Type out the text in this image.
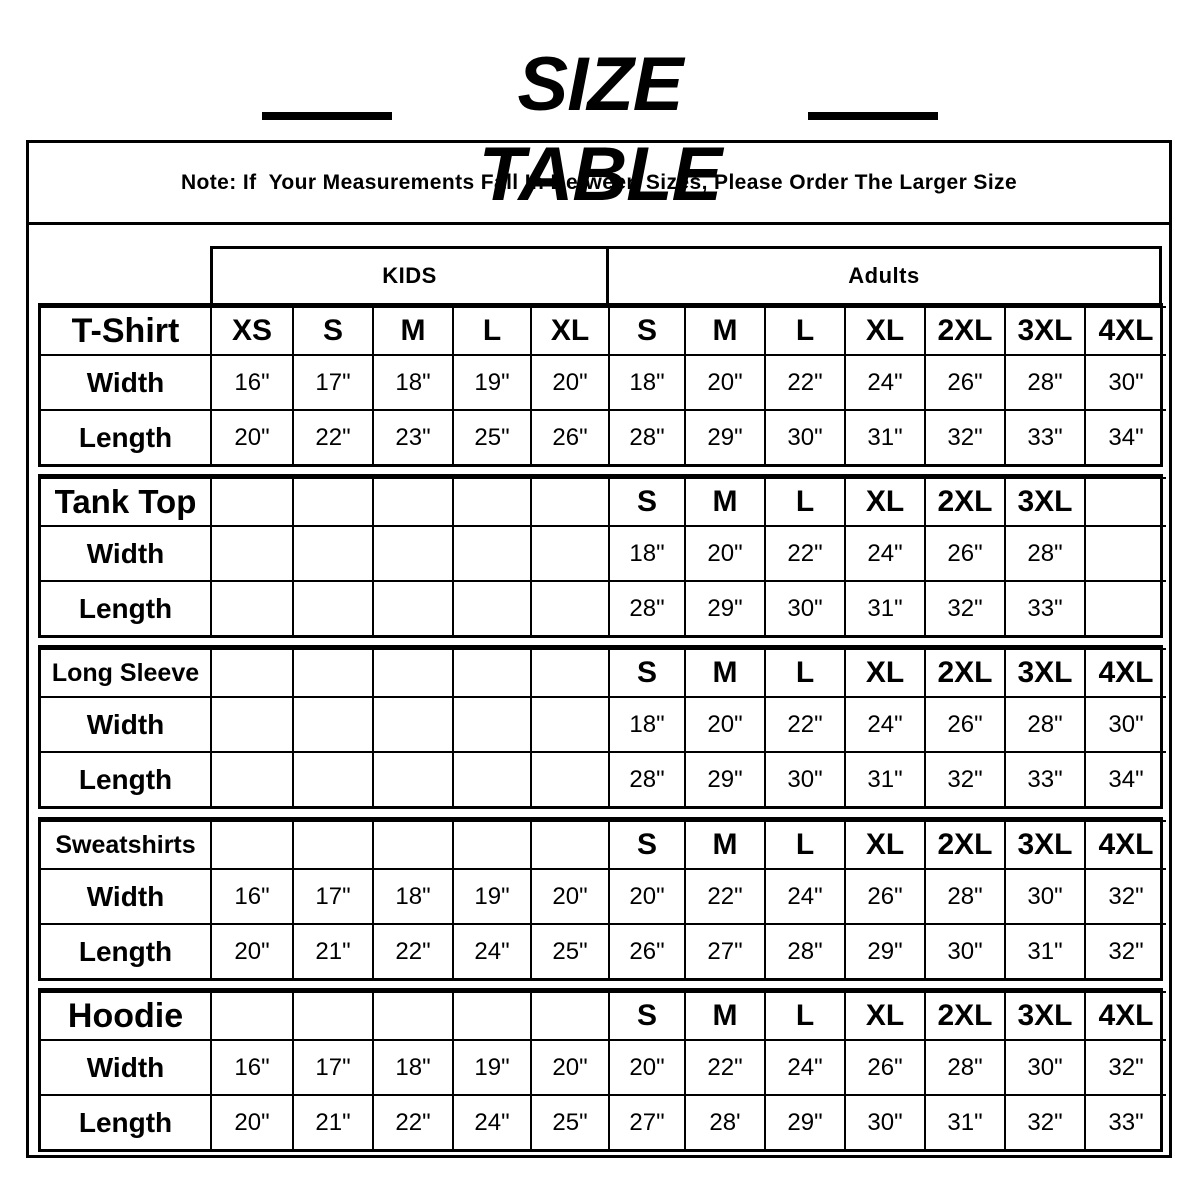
SIZE TABLE
Note: If  Your Measurements Fall In Between Sizes, Please Order The Larger Size
KIDS	Adults
T-Shirt	XS	S	M	L	XL	S	M	L	XL	2XL	3XL	4XL
Width	16"	17"	18"	19"	20"	18"	20"	22"	24"	26"	28"	30"
Length	20"	22"	23"	25"	26"	28"	29"	30"	31"	32"	33"	34"
Tank Top						S	M	L	XL	2XL	3XL	
Width						18"	20"	22"	24"	26"	28"	
Length						28"	29"	30"	31"	32"	33"	
Long Sleeve						S	M	L	XL	2XL	3XL	4XL
Width						18"	20"	22"	24"	26"	28"	30"
Length						28"	29"	30"	31"	32"	33"	34"
Sweatshirts						S	M	L	XL	2XL	3XL	4XL
Width	16"	17"	18"	19"	20"	20"	22"	24"	26"	28"	30"	32"
Length	20"	21"	22"	24"	25"	26"	27"	28"	29"	30"	31"	32"
Hoodie						S	M	L	XL	2XL	3XL	4XL
Width	16"	17"	18"	19"	20"	20"	22"	24"	26"	28"	30"	32"
Length	20"	21"	22"	24"	25"	27"	28'	29"	30"	31"	32"	33"
